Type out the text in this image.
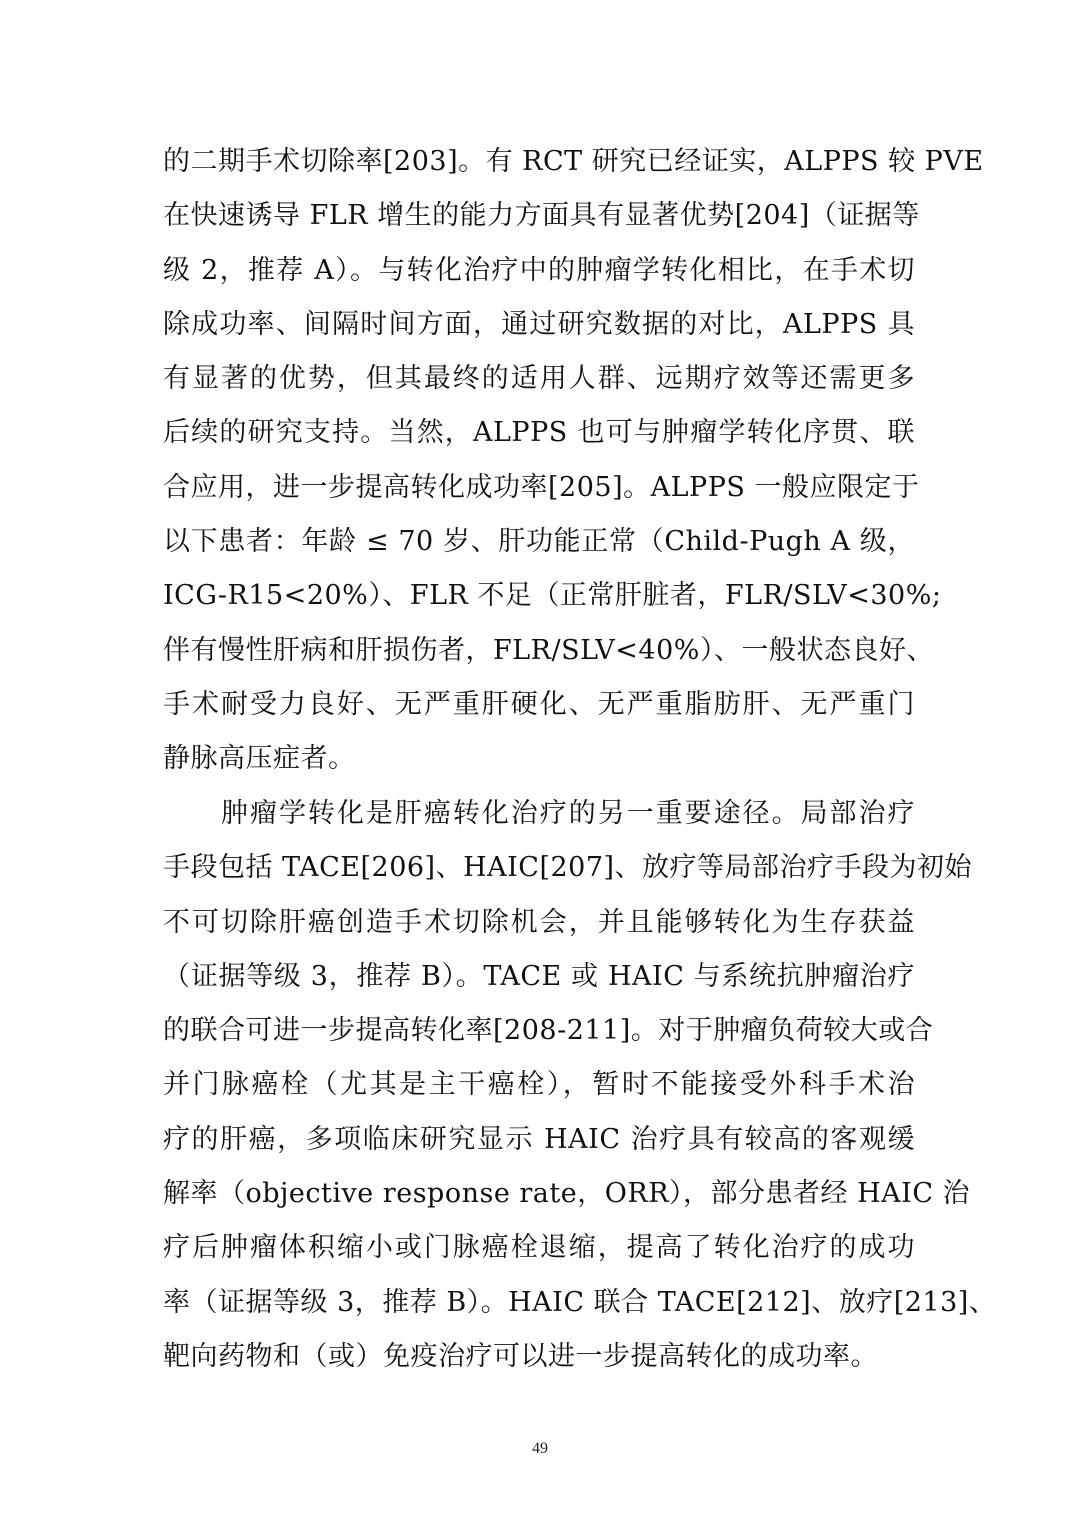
的二期手术切除率[203]。有 RCT 研究已经证实，ALPPS 较 PVE
在快速诱导 FLR 增生的能力方面具有显著优势[204]（证据等
级 2，推荐 A）。与转化治疗中的肿瘤学转化相比，在手术切
除成功率、间隔时间方面，通过研究数据的对比，ALPPS 具
有显著的优势，但其最终的适用人群、远期疗效等还需更多
后续的研究支持。当然，ALPPS 也可与肿瘤学转化序贯、联
合应用，进一步提高转化成功率[205]。ALPPS 一般应限定于
以下患者：年龄 ≤ 70 岁、肝功能正常（Child-Pugh A 级，
ICG-R15<20%）、FLR 不足（正常肝脏者，FLR/SLV<30%;
伴有慢性肝病和肝损伤者，FLR/SLV<40%）、一般状态良好、
手术耐受力良好、无严重肝硬化、无严重脂肪肝、无严重门
静脉高压症者。
肿瘤学转化是肝癌转化治疗的另一重要途径。局部治疗
手段包括 TACE[206]、HAIC[207]、放疗等局部治疗手段为初始
不可切除肝癌创造手术切除机会，并且能够转化为生存获益
（证据等级 3，推荐 B）。TACE 或 HAIC 与系统抗肿瘤治疗
的联合可进一步提高转化率[208-211]。对于肿瘤负荷较大或合
并门脉癌栓（尤其是主干癌栓），暂时不能接受外科手术治
疗的肝癌，多项临床研究显示 HAIC 治疗具有较高的客观缓
解率（objective response rate，ORR），部分患者经 HAIC 治
疗后肿瘤体积缩小或门脉癌栓退缩，提高了转化治疗的成功
率（证据等级 3，推荐 B）。HAIC 联合 TACE[212]、放疗[213]、
靶向药物和（或）免疫治疗可以进一步提高转化的成功率。
49
